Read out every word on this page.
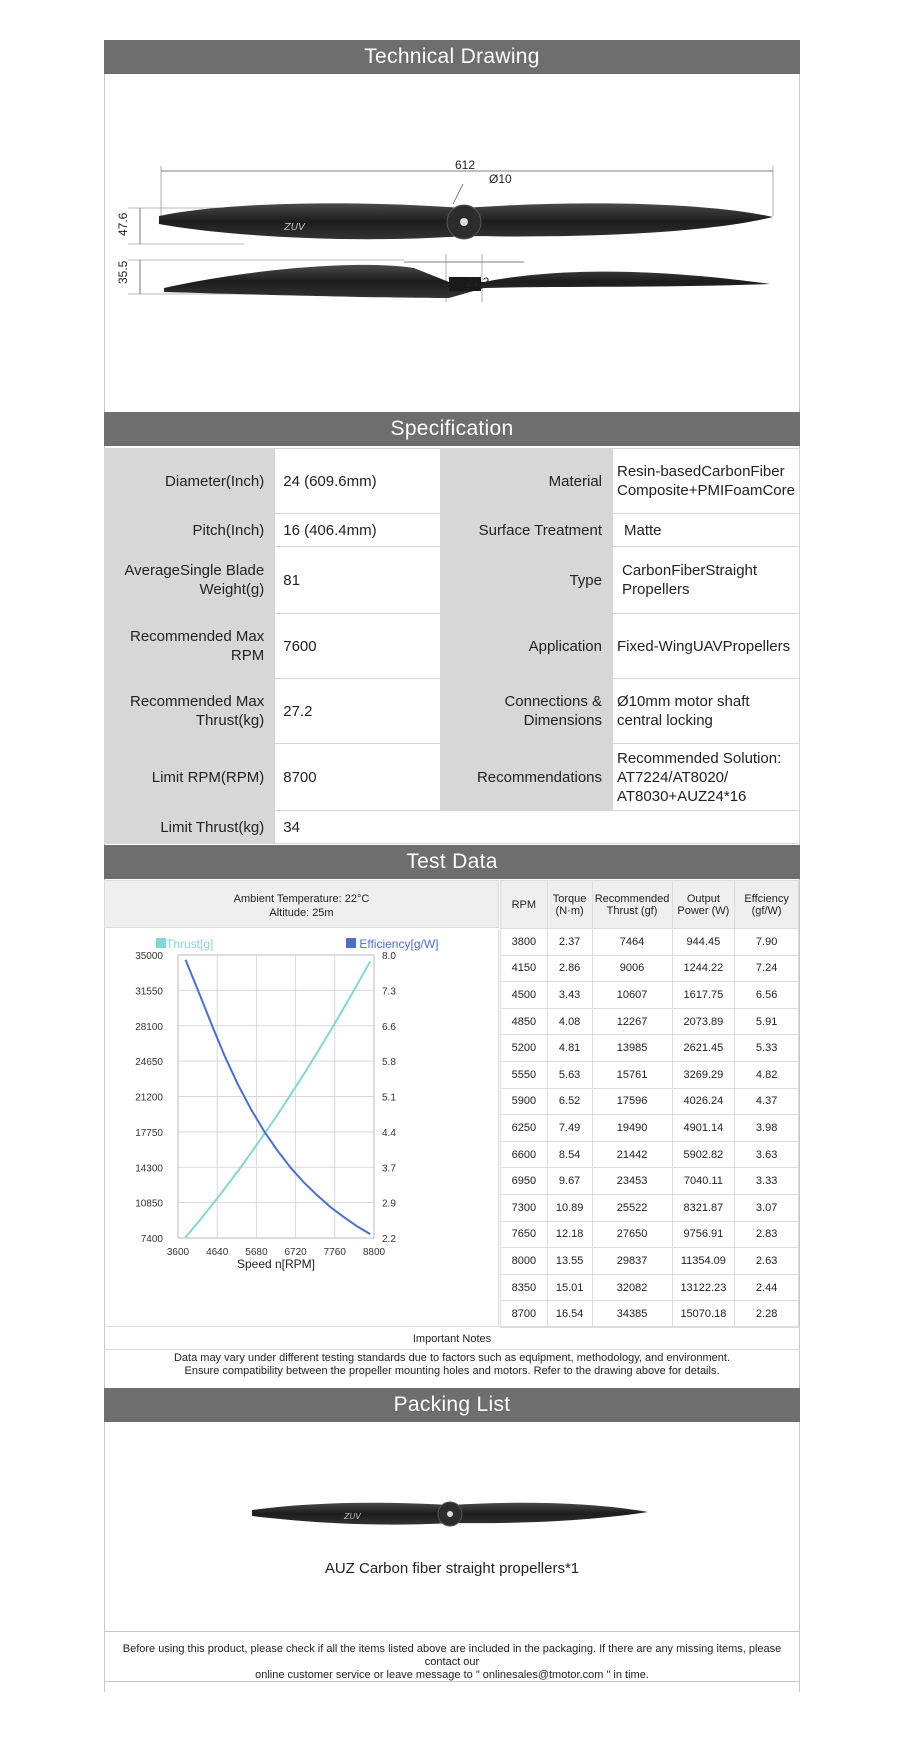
Technical Drawing
ZUV
612
Ø10
47.6
35.5	21.2
Specification
Diameter(Inch)	24 (609.6mm)	Material	Resin-basedCarbonFiber Composite+PMIFoamCore
Pitch(Inch)	16 (406.4mm)	Surface Treatment	Matte
AverageSingle Blade Weight(g)	81	Type	CarbonFiberStraight Propellers
Recommended Max RPM	7600	Application	Fixed-WingUAVPropellers
Recommended Max Thrust(kg)	27.2	Connections & Dimensions	Ø10mm motor shaft central locking
Limit RPM(RPM)	8700	Recommendations	Recommended Solution: AT7224/AT8020/ AT8030+AUZ24*16
Limit Thrust(kg)	34		
Test Data
Ambient Temperature: 22°C
Altitude: 25m
RPM	Torque (N·m)	Recommended Thrust (gf)	Output Power (W)	Effciency (gf/W)
3800	2.37	7464	944.45	7.90
4150	2.86	9006	1244.22	7.24
4500	3.43	10607	1617.75	6.56
4850	4.08	12267	2073.89	5.91
5200	4.81	13985	2621.45	5.33
5550	5.63	15761	3269.29	4.82
5900	6.52	17596	4026.24	4.37
6250	7.49	19490	4901.14	3.98
6600	8.54	21442	5902.82	3.63
6950	9.67	23453	7040.11	3.33
7300	10.89	25522	8321.87	3.07
7650	12.18	27650	9756.91	2.83
8000	13.55	29837	11354.09	2.63
8350	15.01	32082	13122.23	2.44
8700	16.54	34385	15070.18	2.28
3600 4640 5680 6720 7760 8800
35000
31550
28100
24650
21200
17750
14300
10850
7400
8.0
7.3
6.6
5.8
5.1
4.4
3.7
2.9
2.2
Speed n[RPM]
Thrust[g]	Efficiency[g/W]
Important Notes
Data may vary under different testing standards due to factors such as equipment, methodology, and environment.
Ensure compatibility between the propeller mounting holes and motors. Refer to the drawing above for details.
Packing List
ZUV
AUZ Carbon fiber straight propellers*1
Before using this product, please check if all the items listed above are included in the packaging. If there are any missing items, please contact our
online customer service or leave message to " onlinesales@tmotor.com " in time.
